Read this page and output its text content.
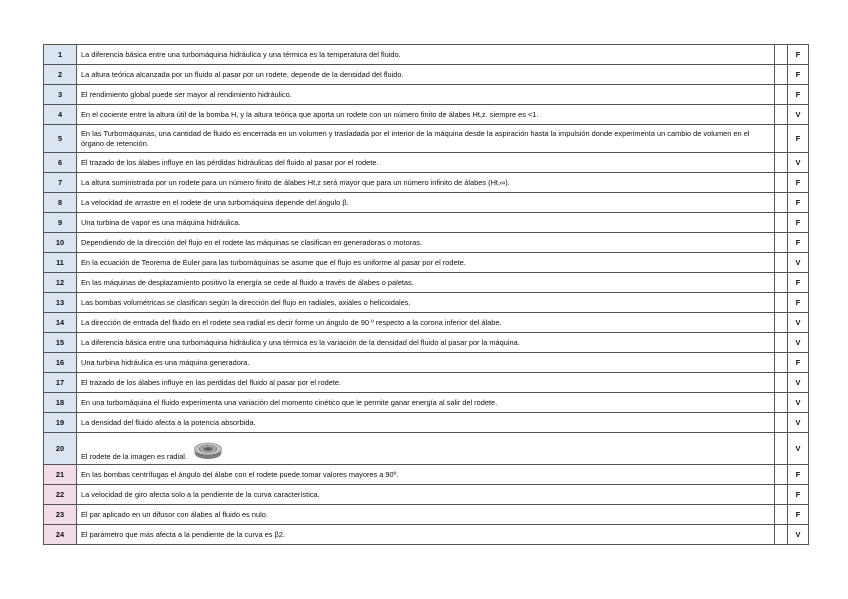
1	La diferencia básica entre una turbomáquina hidráulica y una térmica es la temperatura del fluido.		F
2	La altura teórica alcanzada por un fluido al pasar por un rodete, depende de la densidad del fluido.		F
3	El rendimiento global puede ser mayor al rendimiento hidráulico.		F
4	En el cociente entre la altura útil de la bomba H, y la altura teórica que aporta un rodete con un número finito de álabes Ht,z. siempre es <1.		V
5	En las Turbomáquinas, una cantidad de fluido es encerrada en un volumen y trasladada por el interior de la máquina desde la aspiración hasta la impulsión donde experimenta un cambio de volumen en el órgano de retención.		F
6	El trazado de los álabes influye en las pérdidas hidráulicas del fluido al pasar por el rodete.		V
7	La altura suministrada por un rodete para un número finito de álabes Ht,z será mayor que para un número infinito de álabes (Ht,∞).		F
8	La velocidad de arrastre en el rodete de una turbomáquina depende del ángulo β.		F
9	Una turbina de vapor es una máquina hidráulica.		F
10	Dependiendo de la dirección del flujo en el rodete las máquinas se clasifican en generadoras o motoras.		F
11	En la ecuación de Teorema de Euler para las turbomáquinas se asume que el flujo es uniforme al pasar por el rodete.		V
12	En las máquinas de desplazamiento positivo la energía se cede al fluido a través de álabes o paletas.		F
13	Las bombas volumétricas se clasifican según la dirección del flujo en radiales, axiales o helicoidales.		F
14	La dirección de entrada del fluido en el rodete sea radial es decir forme un ángulo de 90 º respecto a la corona inferior del álabe.		V
15	La diferencia básica entre una turbomáquina hidráulica y una térmica es la variación de la densidad del fluido al pasar por la máquina.		V
16	Una turbina hidráulica es una máquina generadora.		F
17	El trazado de los álabes influye en las perdidas del fluido al pasar por el rodete.		V
18	En una turbomáquina el fluido experimenta una variación del momento cinético que le permite ganar energía al salir del rodete.		V
19	La densidad del fluido afecta a la potencia absorbida.		V
20	El rodete de la imagen es radial.		V
21	En las bombas centrífugas el ángulo del álabe con el rodete puede tomar valores mayores a 90º.		F
22	La velocidad de giro afecta solo a la pendiente de la curva característica.		F
23	El par aplicado en un difusor con álabes al fluido es nulo.		F
24	El parámetro que más afecta a la pendiente de la curva es β2.		V
